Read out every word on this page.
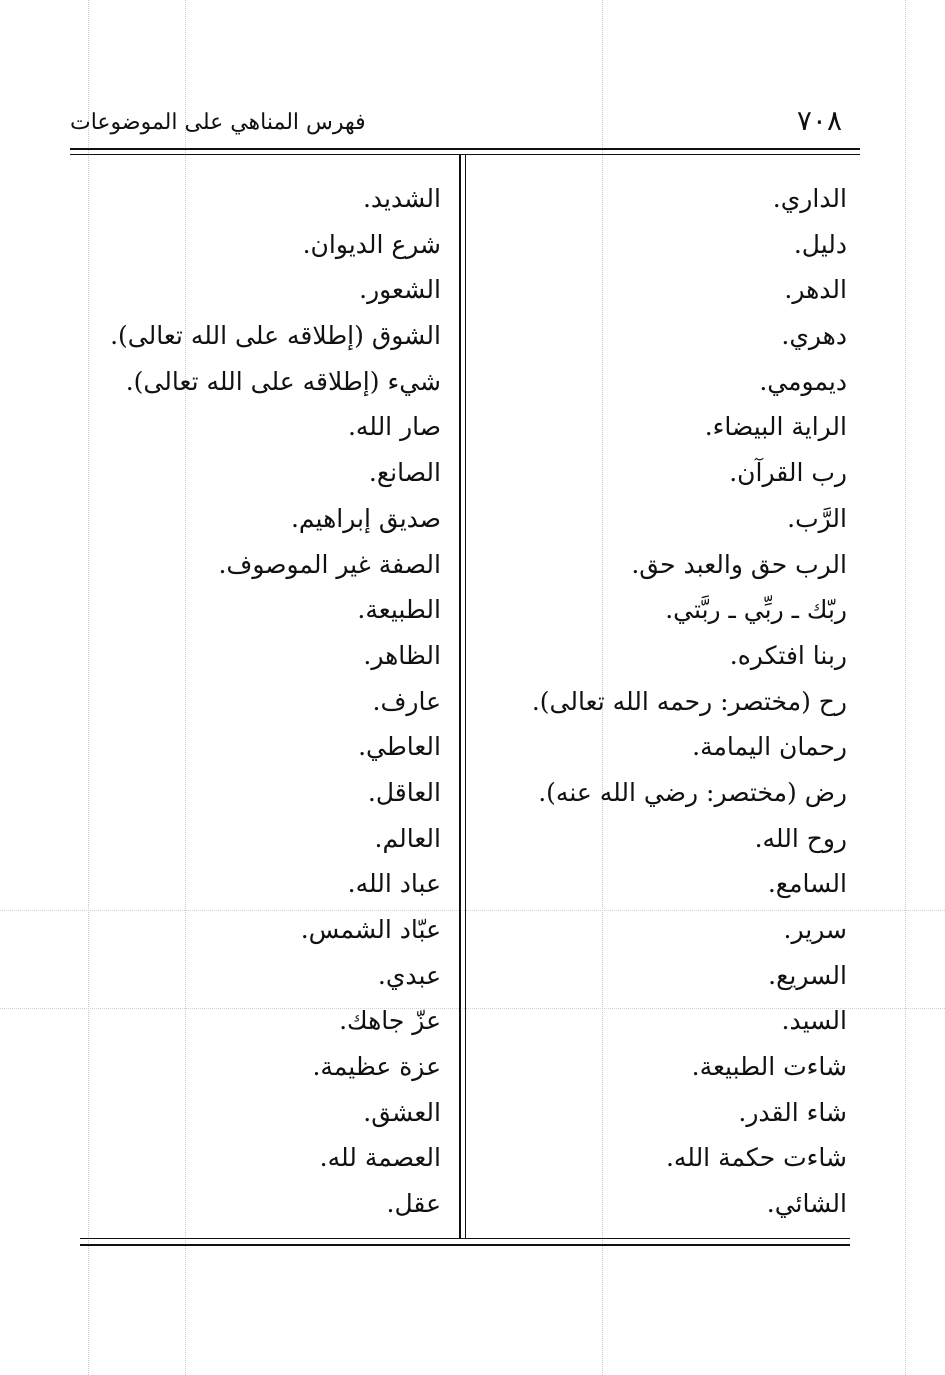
٧٠٨
فهرس المناهي على الموضوعات
الداري.
دليل.
الدهر.
دهري.
ديمومي.
الراية البيضاء.
رب القرآن.
الرَّب.
الرب حق والعبد حق.
ربّك ـ ربِّي ـ ربَّتي.
ربنا افتكره.
رح (مختصر: رحمه الله تعالى).
رحمان اليمامة.
رض (مختصر: رضي الله عنه).
روح الله.
السامع.
سرير.
السريع.
السيد.
شاءت الطبيعة.
شاء القدر.
شاءت حكمة الله.
الشائي.
الشديد.
شرع الديوان.
الشعور.
الشوق (إطلاقه على الله تعالى).
شيء (إطلاقه على الله تعالى).
صار الله.
الصانع.
صديق إبراهيم.
الصفة غير الموصوف.
الطبيعة.
الظاهر.
عارف.
العاطي.
العاقل.
العالم.
عباد الله.
عبّاد الشمس.
عبدي.
عزّ جاهك.
عزة عظيمة.
العشق.
العصمة لله.
عقل.
